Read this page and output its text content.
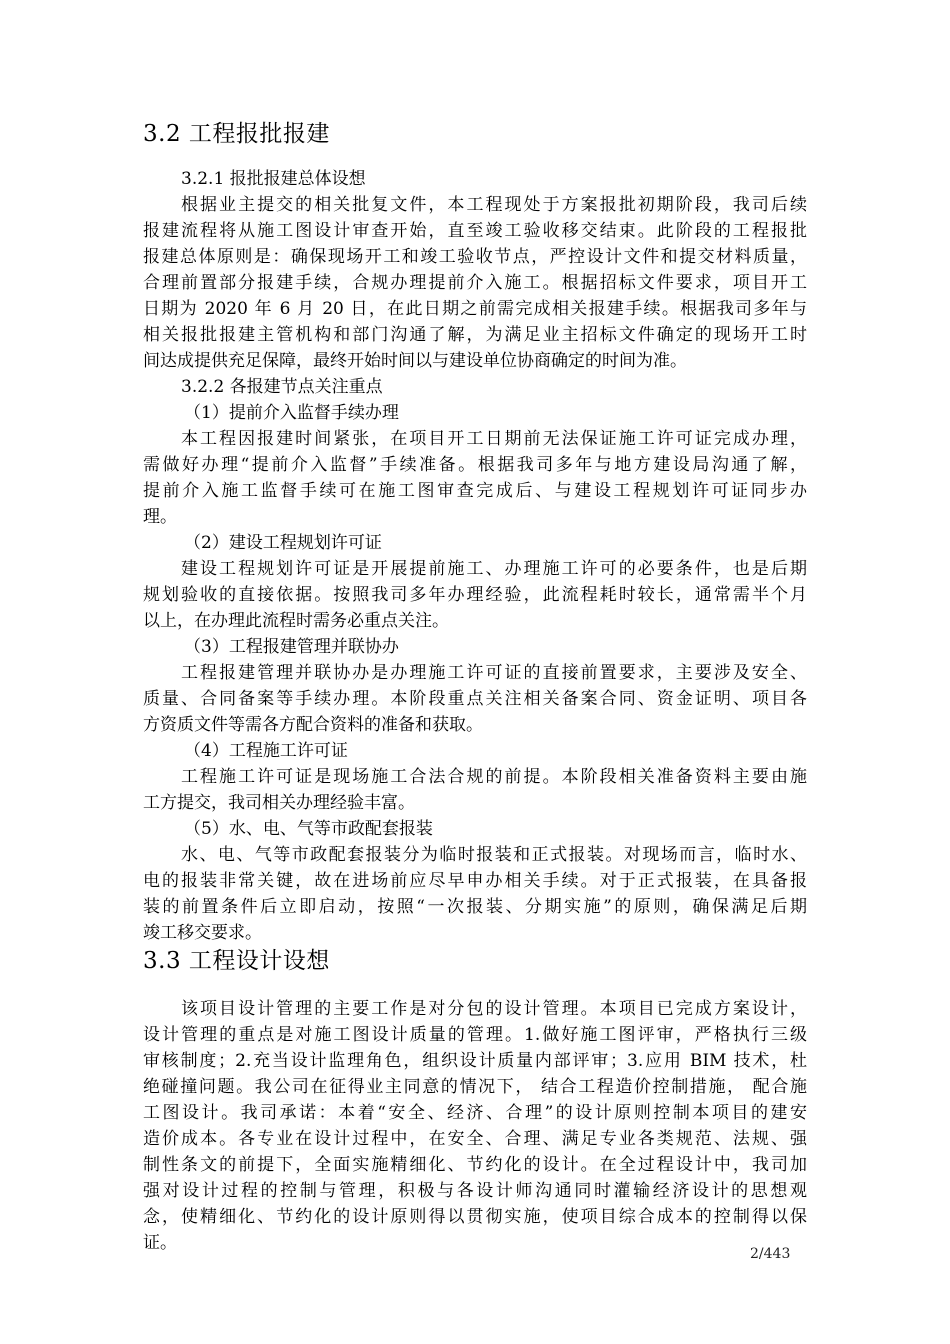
3.2 工程报批报建
3.2.1 报批报建总体设想
根据业主提交的相关批复文件，本工程现处于方案报批初期阶段，我司后续
报建流程将从施工图设计审查开始，直至竣工验收移交结束。此阶段的工程报批
报建总体原则是：确保现场开工和竣工验收节点，严控设计文件和提交材料质量，
合理前置部分报建手续，合规办理提前介入施工。根据招标文件要求，项目开工
日期为 2020 年 6 月 20 日，在此日期之前需完成相关报建手续。根据我司多年与
相关报批报建主管机构和部门沟通了解，为满足业主招标文件确定的现场开工时
间达成提供充足保障，最终开始时间以与建设单位协商确定的时间为准。
3.2.2 各报建节点关注重点
（1）提前介入监督手续办理
本工程因报建时间紧张，在项目开工日期前无法保证施工许可证完成办理，
需做好办理“提前介入监督”手续准备。根据我司多年与地方建设局沟通了解，
提前介入施工监督手续可在施工图审查完成后、与建设工程规划许可证同步办
理。
（2）建设工程规划许可证
建设工程规划许可证是开展提前施工、办理施工许可的必要条件，也是后期
规划验收的直接依据。按照我司多年办理经验，此流程耗时较长，通常需半个月
以上，在办理此流程时需务必重点关注。
（3）工程报建管理并联协办
工程报建管理并联协办是办理施工许可证的直接前置要求，主要涉及安全、
质量、合同备案等手续办理。本阶段重点关注相关备案合同、资金证明、项目各
方资质文件等需各方配合资料的准备和获取。
（4）工程施工许可证
工程施工许可证是现场施工合法合规的前提。本阶段相关准备资料主要由施
工方提交，我司相关办理经验丰富。
（5）水、电、气等市政配套报装
水、电、气等市政配套报装分为临时报装和正式报装。对现场而言，临时水、
电的报装非常关键，故在进场前应尽早申办相关手续。对于正式报装，在具备报
装的前置条件后立即启动，按照“一次报装、分期实施”的原则，确保满足后期
竣工移交要求。
3.3 工程设计设想
该项目设计管理的主要工作是对分包的设计管理。本项目已完成方案设计，
设计管理的重点是对施工图设计质量的管理。1.做好施工图评审，严格执行三级
审核制度；2.充当设计监理角色，组织设计质量内部评审；3.应用 BIM 技术，杜
绝碰撞问题。我公司在征得业主同意的情况下， 结合工程造价控制措施， 配合施
工图设计。我司承诺：本着“安全、经济、合理”的设计原则控制本项目的建安
造价成本。各专业在设计过程中，在安全、合理、满足专业各类规范、法规、强
制性条文的前提下，全面实施精细化、节约化的设计。在全过程设计中，我司加
强对设计过程的控制与管理，积极与各设计师沟通同时灌输经济设计的思想观
念，使精细化、节约化的设计原则得以贯彻实施，使项目综合成本的控制得以保
证。
2/443
